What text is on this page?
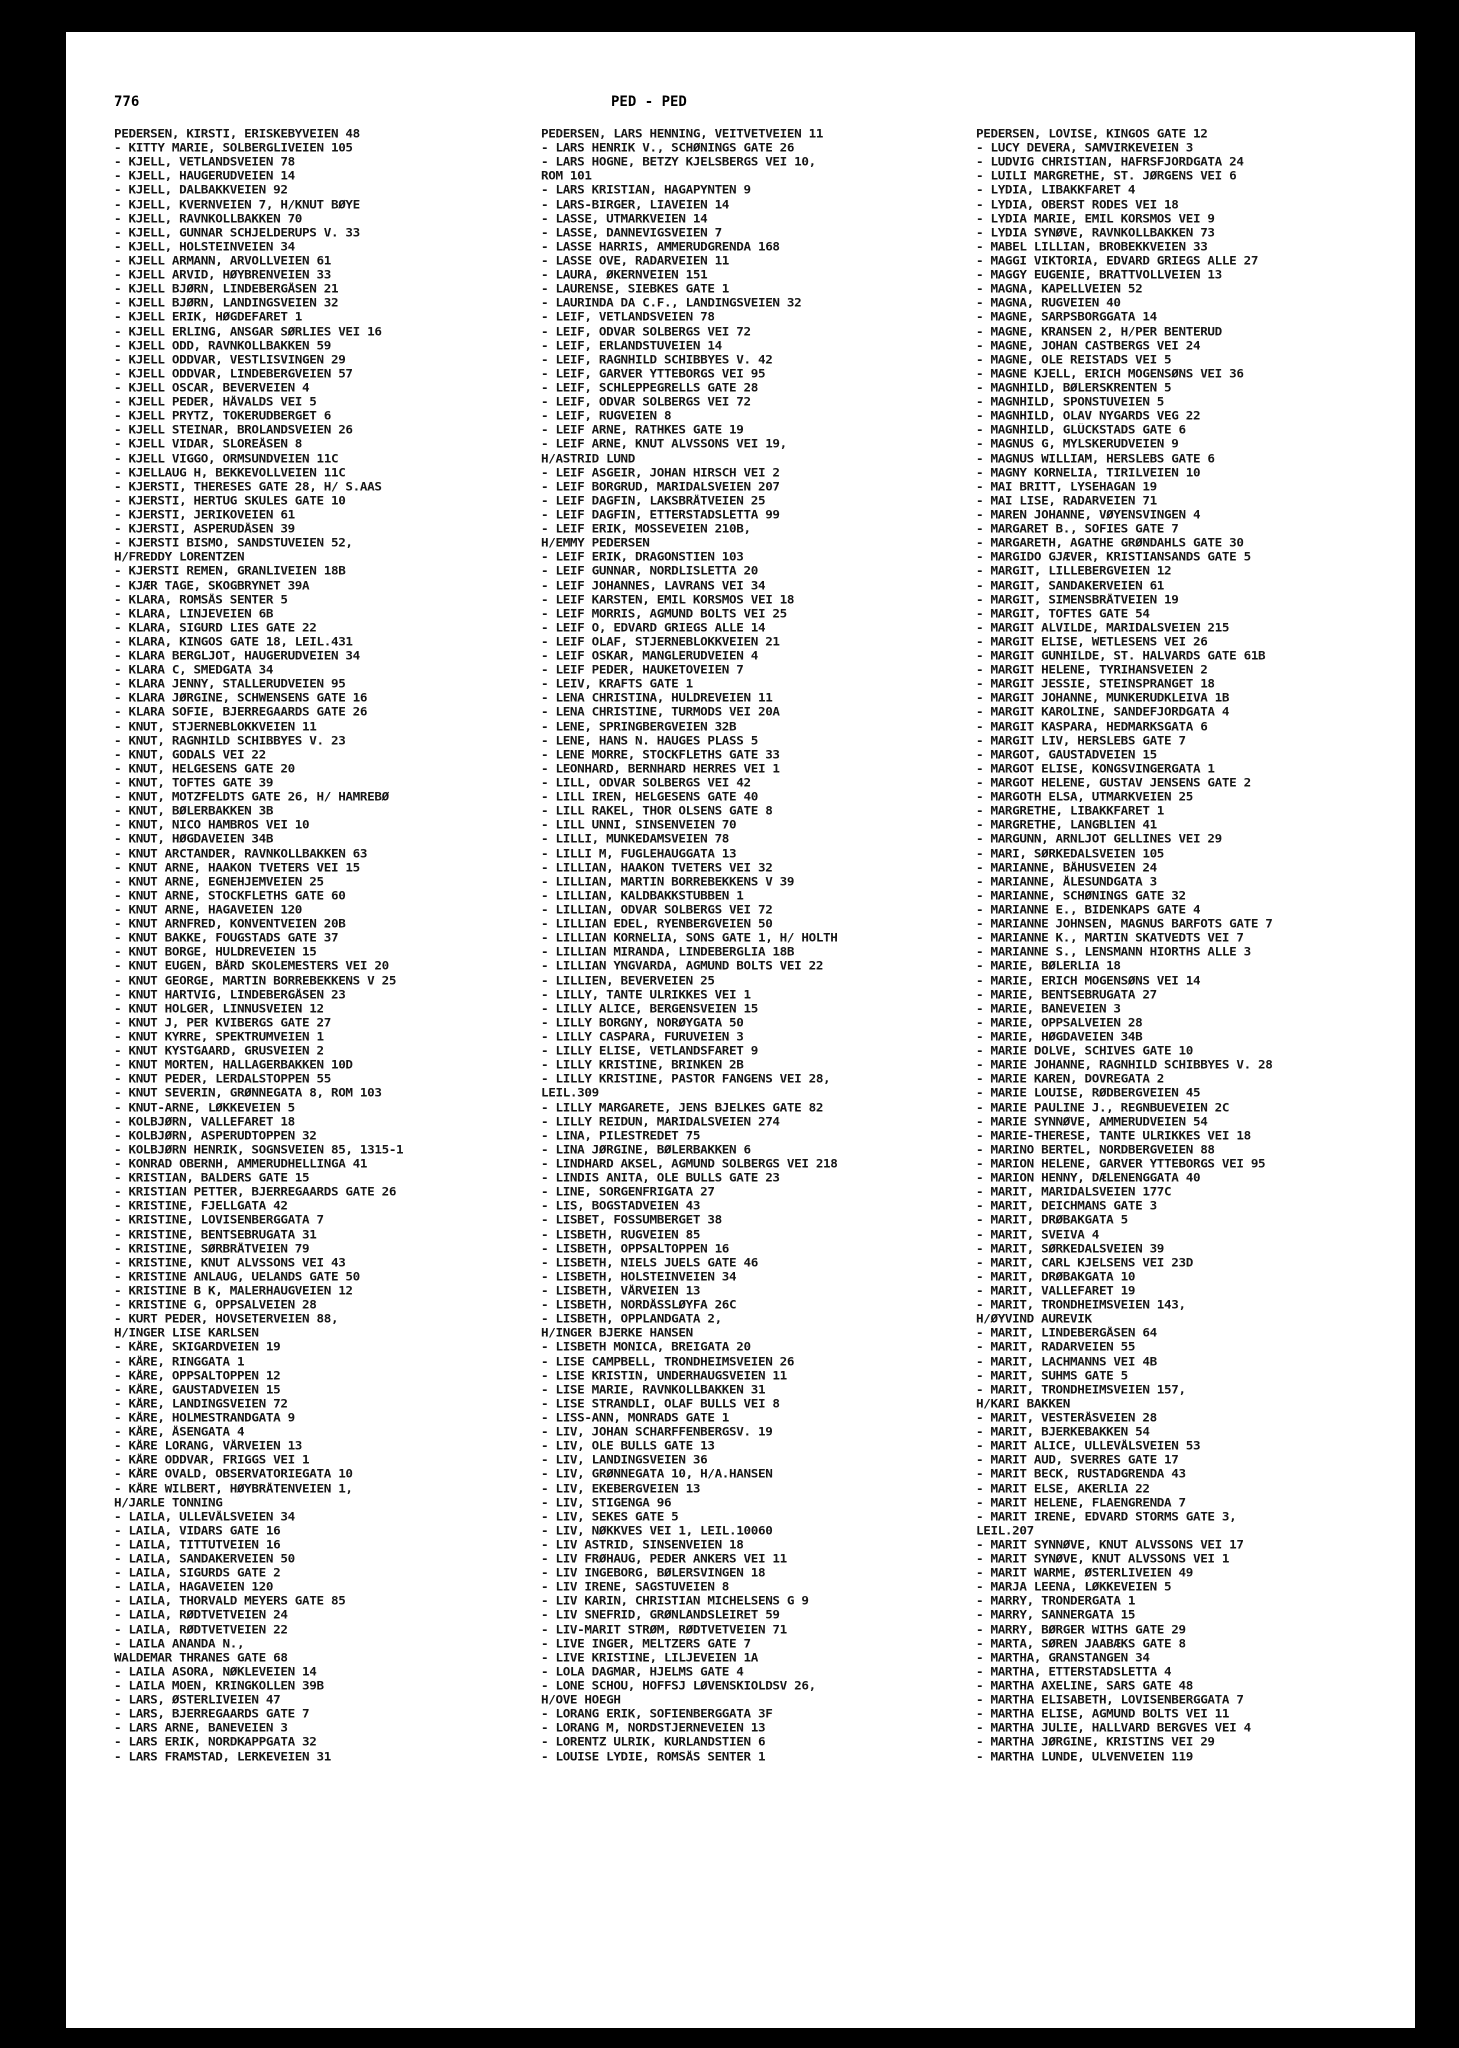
776	PED - PED
PEDERSEN, KIRSTI, ERISKEBYVEIEN 48
- KITTY MARIE, SOLBERGLIVEIEN 105
- KJELL, VETLANDSVEIEN 78
- KJELL, HAUGERUDVEIEN 14
- KJELL, DALBAKKVEIEN 92
- KJELL, KVERNVEIEN 7, H/KNUT BØYE
- KJELL, RAVNKOLLBAKKEN 70
- KJELL, GUNNAR SCHJELDERUPS V. 33
- KJELL, HOLSTEINVEIEN 34
- KJELL ARMANN, ARVOLLVEIEN 61
- KJELL ARVID, HØYBRENVEIEN 33
- KJELL BJØRN, LINDEBERGÅSEN 21
- KJELL BJØRN, LANDINGSVEIEN 32
- KJELL ERIK, HØGDEFARET 1
- KJELL ERLING, ANSGAR SØRLIES VEI 16
- KJELL ODD, RAVNKOLLBAKKEN 59
- KJELL ODDVAR, VESTLISVINGEN 29
- KJELL ODDVAR, LINDEBERGVEIEN 57
- KJELL OSCAR, BEVERVEIEN 4
- KJELL PEDER, HÅVALDS VEI 5
- KJELL PRYTZ, TOKERUDBERGET 6
- KJELL STEINAR, BROLANDSVEIEN 26
- KJELL VIDAR, SLOREÅSEN 8
- KJELL VIGGO, ORMSUNDVEIEN 11C
- KJELLAUG H, BEKKEVOLLVEIEN 11C
- KJERSTI, THERESES GATE 28, H/ S.AAS
- KJERSTI, HERTUG SKULES GATE 10
- KJERSTI, JERIKOVEIEN 61
- KJERSTI, ASPERUDÅSEN 39
- KJERSTI BISMO, SANDSTUVEIEN 52,
H/FREDDY LORENTZEN
- KJERSTI REMEN, GRANLIVEIEN 18B
- KJÆR TAGE, SKOGBRYNET 39A
- KLARA, ROMSÅS SENTER 5
- KLARA, LINJEVEIEN 6B
- KLARA, SIGURD LIES GATE 22
- KLARA, KINGOS GATE 18, LEIL.431
- KLARA BERGLJOT, HAUGERUDVEIEN 34
- KLARA C, SMEDGATA 34
- KLARA JENNY, STALLERUDVEIEN 95
- KLARA JØRGINE, SCHWENSENS GATE 16
- KLARA SOFIE, BJERREGAARDS GATE 26
- KNUT, STJERNEBLOKKVEIEN 11
- KNUT, RAGNHILD SCHIBBYES V. 23
- KNUT, GODALS VEI 22
- KNUT, HELGESENS GATE 20
- KNUT, TOFTES GATE 39
- KNUT, MOTZFELDTS GATE 26, H/ HAMREBØ
- KNUT, BØLERBAKKEN 3B
- KNUT, NICO HAMBROS VEI 10
- KNUT, HØGDAVEIEN 34B
- KNUT ARCTANDER, RAVNKOLLBAKKEN 63
- KNUT ARNE, HAAKON TVETERS VEI 15
- KNUT ARNE, EGNEHJEMVEIEN 25
- KNUT ARNE, STOCKFLETHS GATE 60
- KNUT ARNE, HAGAVEIEN 120
- KNUT ARNFRED, KONVENTVEIEN 20B
- KNUT BAKKE, FOUGSTADS GATE 37
- KNUT BORGE, HULDREVEIEN 15
- KNUT EUGEN, BÅRD SKOLEMESTERS VEI 20
- KNUT GEORGE, MARTIN BORREBEKKENS V 25
- KNUT HARTVIG, LINDEBERGÅSEN 23
- KNUT HOLGER, LINNUSVEIEN 12
- KNUT J, PER KVIBERGS GATE 27
- KNUT KYRRE, SPEKTRUMVEIEN 1
- KNUT KYSTGAARD, GRUSVEIEN 2
- KNUT MORTEN, HALLAGERBAKKEN 10D
- KNUT PEDER, LERDALSTOPPEN 55
- KNUT SEVERIN, GRØNNEGATA 8, ROM 103
- KNUT-ARNE, LØKKEVEIEN 5
- KOLBJØRN, VALLEFARET 18
- KOLBJØRN, ASPERUDTOPPEN 32
- KOLBJØRN HENRIK, SOGNSVEIEN 85, 1315-1
- KONRAD OBERNH, AMMERUDHELLINGA 41
- KRISTIAN, BALDERS GATE 15
- KRISTIAN PETTER, BJERREGAARDS GATE 26
- KRISTINE, FJELLGATA 42
- KRISTINE, LOVISENBERGGATA 7
- KRISTINE, BENTSEBRUGATA 31
- KRISTINE, SØRBRÅTVEIEN 79
- KRISTINE, KNUT ALVSSONS VEI 43
- KRISTINE ANLAUG, UELANDS GATE 50
- KRISTINE B K, MALERHAUGVEIEN 12
- KRISTINE G, OPPSALVEIEN 28
- KURT PEDER, HOVSETERVEIEN 88,
H/INGER LISE KARLSEN
- KÅRE, SKIGARDVEIEN 19
- KÅRE, RINGGATA 1
- KÅRE, OPPSALTOPPEN 12
- KÅRE, GAUSTADVEIEN 15
- KÅRE, LANDINGSVEIEN 72
- KÅRE, HOLMESTRANDGATA 9
- KÅRE, ÅSENGATA 4
- KÅRE LORANG, VÅRVEIEN 13
- KÅRE ODDVAR, FRIGGS VEI 1
- KÅRE OVALD, OBSERVATORIEGATA 10
- KÅRE WILBERT, HØYBRÅTENVEIEN 1,
H/JARLE TONNING
- LAILA, ULLEVÅLSVEIEN 34
- LAILA, VIDARS GATE 16
- LAILA, TITTUTVEIEN 16
- LAILA, SANDAKERVEIEN 50
- LAILA, SIGURDS GATE 2
- LAILA, HAGAVEIEN 120
- LAILA, THORVALD MEYERS GATE 85
- LAILA, RØDTVETVEIEN 24
- LAILA, RØDTVETVEIEN 22
- LAILA ANANDA N.,
WALDEMAR THRANES GATE 68
- LAILA ASORA, NØKLEVEIEN 14
- LAILA MOEN, KRINGKOLLEN 39B
- LARS, ØSTERLIVEIEN 47
- LARS, BJERREGAARDS GATE 7
- LARS ARNE, BANEVEIEN 3
- LARS ERIK, NORDKAPPGATA 32
- LARS FRAMSTAD, LERKEVEIEN 31
PEDERSEN, LARS HENNING, VEITVETVEIEN 11
- LARS HENRIK V., SCHØNINGS GATE 26
- LARS HOGNE, BETZY KJELSBERGS VEI 10,
ROM 101
- LARS KRISTIAN, HAGAPYNTEN 9
- LARS-BIRGER, LIAVEIEN 14
- LASSE, UTMARKVEIEN 14
- LASSE, DANNEVIGSVEIEN 7
- LASSE HARRIS, AMMERUDGRENDA 168
- LASSE OVE, RADARVEIEN 11
- LAURA, ØKERNVEIEN 151
- LAURENSE, SIEBKES GATE 1
- LAURINDA DA C.F., LANDINGSVEIEN 32
- LEIF, VETLANDSVEIEN 78
- LEIF, ODVAR SOLBERGS VEI 72
- LEIF, ERLANDSTUVEIEN 14
- LEIF, RAGNHILD SCHIBBYES V. 42
- LEIF, GARVER YTTEBORGS VEI 95
- LEIF, SCHLEPPEGRELLS GATE 28
- LEIF, ODVAR SOLBERGS VEI 72
- LEIF, RUGVEIEN 8
- LEIF ARNE, RATHKES GATE 19
- LEIF ARNE, KNUT ALVSSONS VEI 19,
H/ASTRID LUND
- LEIF ASGEIR, JOHAN HIRSCH VEI 2
- LEIF BORGRUD, MARIDALSVEIEN 207
- LEIF DAGFIN, LAKSBRÅTVEIEN 25
- LEIF DAGFIN, ETTERSTADSLETTA 99
- LEIF ERIK, MOSSEVEIEN 210B,
H/EMMY PEDERSEN
- LEIF ERIK, DRAGONSTIEN 103
- LEIF GUNNAR, NORDLISLETTA 20
- LEIF JOHANNES, LAVRANS VEI 34
- LEIF KARSTEN, EMIL KORSMOS VEI 18
- LEIF MORRIS, AGMUND BOLTS VEI 25
- LEIF O, EDVARD GRIEGS ALLE 14
- LEIF OLAF, STJERNEBLOKKVEIEN 21
- LEIF OSKAR, MANGLERUDVEIEN 4
- LEIF PEDER, HAUKETOVEIEN 7
- LEIV, KRAFTS GATE 1
- LENA CHRISTINA, HULDREVEIEN 11
- LENA CHRISTINE, TURMODS VEI 20A
- LENE, SPRINGBERGVEIEN 32B
- LENE, HANS N. HAUGES PLASS 5
- LENE MORRE, STOCKFLETHS GATE 33
- LEONHARD, BERNHARD HERRES VEI 1
- LILL, ODVAR SOLBERGS VEI 42
- LILL IREN, HELGESENS GATE 40
- LILL RAKEL, THOR OLSENS GATE 8
- LILL UNNI, SINSENVEIEN 70
- LILLI, MUNKEDAMSVEIEN 78
- LILLI M, FUGLEHAUGGATA 13
- LILLIAN, HAAKON TVETERS VEI 32
- LILLIAN, MARTIN BORREBEKKENS V 39
- LILLIAN, KALDBAKKSTUBBEN 1
- LILLIAN, ODVAR SOLBERGS VEI 72
- LILLIAN EDEL, RYENBERGVEIEN 50
- LILLIAN KORNELIA, SONS GATE 1, H/ HOLTH
- LILLIAN MIRANDA, LINDEBERGLIA 18B
- LILLIAN YNGVARDA, AGMUND BOLTS VEI 22
- LILLIEN, BEVERVEIEN 25
- LILLY, TANTE ULRIKKES VEI 1
- LILLY ALICE, BERGENSVEIEN 15
- LILLY BORGNY, NORØYGATA 50
- LILLY CASPARA, FURUVEIEN 3
- LILLY ELISE, VETLANDSFARET 9
- LILLY KRISTINE, BRINKEN 2B
- LILLY KRISTINE, PASTOR FANGENS VEI 28,
LEIL.309
- LILLY MARGARETE, JENS BJELKES GATE 82
- LILLY REIDUN, MARIDALSVEIEN 274
- LINA, PILESTREDET 75
- LINA JØRGINE, BØLERBAKKEN 6
- LINDHARD AKSEL, AGMUND SOLBERGS VEI 218
- LINDIS ANITA, OLE BULLS GATE 23
- LINE, SORGENFRIGATA 27
- LIS, BOGSTADVEIEN 43
- LISBET, FOSSUMBERGET 38
- LISBETH, RUGVEIEN 85
- LISBETH, OPPSALTOPPEN 16
- LISBETH, NIELS JUELS GATE 46
- LISBETH, HOLSTEINVEIEN 34
- LISBETH, VÅRVEIEN 13
- LISBETH, NORDÅSSLØYFA 26C
- LISBETH, OPPLANDGATA 2,
H/INGER BJERKE HANSEN
- LISBETH MONICA, BREIGATA 20
- LISE CAMPBELL, TRONDHEIMSVEIEN 26
- LISE KRISTIN, UNDERHAUGSVEIEN 11
- LISE MARIE, RAVNKOLLBAKKEN 31
- LISE STRANDLI, OLAF BULLS VEI 8
- LISS-ANN, MONRADS GATE 1
- LIV, JOHAN SCHARFFENBERGSV. 19
- LIV, OLE BULLS GATE 13
- LIV, LANDINGSVEIEN 36
- LIV, GRØNNEGATA 10, H/A.HANSEN
- LIV, EKEBERGVEIEN 13
- LIV, STIGENGA 96
- LIV, SEKES GATE 5
- LIV, NØKKVES VEI 1, LEIL.10060
- LIV ASTRID, SINSENVEIEN 18
- LIV FRØHAUG, PEDER ANKERS VEI 11
- LIV INGEBORG, BØLERSVINGEN 18
- LIV IRENE, SAGSTUVEIEN 8
- LIV KARIN, CHRISTIAN MICHELSENS G 9
- LIV SNEFRID, GRØNLANDSLEIRET 59
- LIV-MARIT STRØM, RØDTVETVEIEN 71
- LIVE INGER, MELTZERS GATE 7
- LIVE KRISTINE, LILJEVEIEN 1A
- LOLA DAGMAR, HJELMS GATE 4
- LONE SCHOU, HOFFSJ LØVENSKIOLDSV 26,
H/OVE HOEGH
- LORANG ERIK, SOFIENBERGGATA 3F
- LORANG M, NORDSTJERNEVEIEN 13
- LORENTZ ULRIK, KURLANDSTIEN 6
- LOUISE LYDIE, ROMSÅS SENTER 1
PEDERSEN, LOVISE, KINGOS GATE 12
- LUCY DEVERA, SAMVIRKEVEIEN 3
- LUDVIG CHRISTIAN, HAFRSFJORDGATA 24
- LUILI MARGRETHE, ST. JØRGENS VEI 6
- LYDIA, LIBAKKFARET 4
- LYDIA, OBERST RODES VEI 18
- LYDIA MARIE, EMIL KORSMOS VEI 9
- LYDIA SYNØVE, RAVNKOLLBAKKEN 73
- MABEL LILLIAN, BROBEKKVEIEN 33
- MAGGI VIKTORIA, EDVARD GRIEGS ALLE 27
- MAGGY EUGENIE, BRATTVOLLVEIEN 13
- MAGNA, KAPELLVEIEN 52
- MAGNA, RUGVEIEN 40
- MAGNE, SARPSBORGGATA 14
- MAGNE, KRANSEN 2, H/PER BENTERUD
- MAGNE, JOHAN CASTBERGS VEI 24
- MAGNE, OLE REISTADS VEI 5
- MAGNE KJELL, ERICH MOGENSØNS VEI 36
- MAGNHILD, BØLERSKRENTEN 5
- MAGNHILD, SPONSTUVEIEN 5
- MAGNHILD, OLAV NYGARDS VEG 22
- MAGNHILD, GLÜCKSTADS GATE 6
- MAGNUS G, MYLSKERUDVEIEN 9
- MAGNUS WILLIAM, HERSLEBS GATE 6
- MAGNY KORNELIA, TIRILVEIEN 10
- MAI BRITT, LYSEHAGAN 19
- MAI LISE, RADARVEIEN 71
- MAREN JOHANNE, VØYENSVINGEN 4
- MARGARET B., SOFIES GATE 7
- MARGARETH, AGATHE GRØNDAHLS GATE 30
- MARGIDO GJÆVER, KRISTIANSANDS GATE 5
- MARGIT, LILLEBERGVEIEN 12
- MARGIT, SANDAKERVEIEN 61
- MARGIT, SIMENSBRÅTVEIEN 19
- MARGIT, TOFTES GATE 54
- MARGIT ALVILDE, MARIDALSVEIEN 215
- MARGIT ELISE, WETLESENS VEI 26
- MARGIT GUNHILDE, ST. HALVARDS GATE 61B
- MARGIT HELENE, TYRIHANSVEIEN 2
- MARGIT JESSIE, STEINSPRANGET 18
- MARGIT JOHANNE, MUNKERUDKLEIVA 1B
- MARGIT KAROLINE, SANDEFJORDGATA 4
- MARGIT KASPARA, HEDMARKSGATA 6
- MARGIT LIV, HERSLEBS GATE 7
- MARGOT, GAUSTADVEIEN 15
- MARGOT ELISE, KONGSVINGERGATA 1
- MARGOT HELENE, GUSTAV JENSENS GATE 2
- MARGOTH ELSA, UTMARKVEIEN 25
- MARGRETHE, LIBAKKFARET 1
- MARGRETHE, LANGBLIEN 41
- MARGUNN, ARNLJOT GELLINES VEI 29
- MARI, SØRKEDALSVEIEN 105
- MARIANNE, BÅHUSVEIEN 24
- MARIANNE, ÅLESUNDGATA 3
- MARIANNE, SCHØNINGS GATE 32
- MARIANNE E., BIDENKAPS GATE 4
- MARIANNE JOHNSEN, MAGNUS BARFOTS GATE 7
- MARIANNE K., MARTIN SKATVEDTS VEI 7
- MARIANNE S., LENSMANN HIORTHS ALLE 3
- MARIE, BØLERLIA 18
- MARIE, ERICH MOGENSØNS VEI 14
- MARIE, BENTSEBRUGATA 27
- MARIE, BANEVEIEN 3
- MARIE, OPPSALVEIEN 28
- MARIE, HØGDAVEIEN 34B
- MARIE DOLVE, SCHIVES GATE 10
- MARIE JOHANNE, RAGNHILD SCHIBBYES V. 28
- MARIE KAREN, DOVREGATA 2
- MARIE LOUISE, RØDBERGVEIEN 45
- MARIE PAULINE J., REGNBUEVEIEN 2C
- MARIE SYNNØVE, AMMERUDVEIEN 54
- MARIE-THERESE, TANTE ULRIKKES VEI 18
- MARINO BERTEL, NORDBERGVEIEN 88
- MARION HELENE, GARVER YTTEBORGS VEI 95
- MARION HENNY, DÆLENENGGATA 40
- MARIT, MARIDALSVEIEN 177C
- MARIT, DEICHMANS GATE 3
- MARIT, DRØBAKGATA 5
- MARIT, SVEIVA 4
- MARIT, SØRKEDALSVEIEN 39
- MARIT, CARL KJELSENS VEI 23D
- MARIT, DRØBAKGATA 10
- MARIT, VALLEFARET 19
- MARIT, TRONDHEIMSVEIEN 143,
H/ØYVIND AUREVIK
- MARIT, LINDEBERGÅSEN 64
- MARIT, RADARVEIEN 55
- MARIT, LACHMANNS VEI 4B
- MARIT, SUHMS GATE 5
- MARIT, TRONDHEIMSVEIEN 157,
H/KARI BAKKEN
- MARIT, VESTERÅSVEIEN 28
- MARIT, BJERKEBAKKEN 54
- MARIT ALICE, ULLEVÅLSVEIEN 53
- MARIT AUD, SVERRES GATE 17
- MARIT BECK, RUSTADGRENDA 43
- MARIT ELSE, AKERLIA 22
- MARIT HELENE, FLAENGRENDA 7
- MARIT IRENE, EDVARD STORMS GATE 3,
LEIL.207
- MARIT SYNNØVE, KNUT ALVSSONS VEI 17
- MARIT SYNØVE, KNUT ALVSSONS VEI 1
- MARIT WARME, ØSTERLIVEIEN 49
- MARJA LEENA, LØKKEVEIEN 5
- MARRY, TRONDERGATA 1
- MARRY, SANNERGATA 15
- MARRY, BØRGER WITHS GATE 29
- MARTA, SØREN JAABÆKS GATE 8
- MARTHA, GRANSTANGEN 34
- MARTHA, ETTERSTADSLETTA 4
- MARTHA AXELINE, SARS GATE 48
- MARTHA ELISABETH, LOVISENBERGGATA 7
- MARTHA ELISE, AGMUND BOLTS VEI 11
- MARTHA JULIE, HALLVARD BERGVES VEI 4
- MARTHA JØRGINE, KRISTINS VEI 29
- MARTHA LUNDE, ULVENVEIEN 119
